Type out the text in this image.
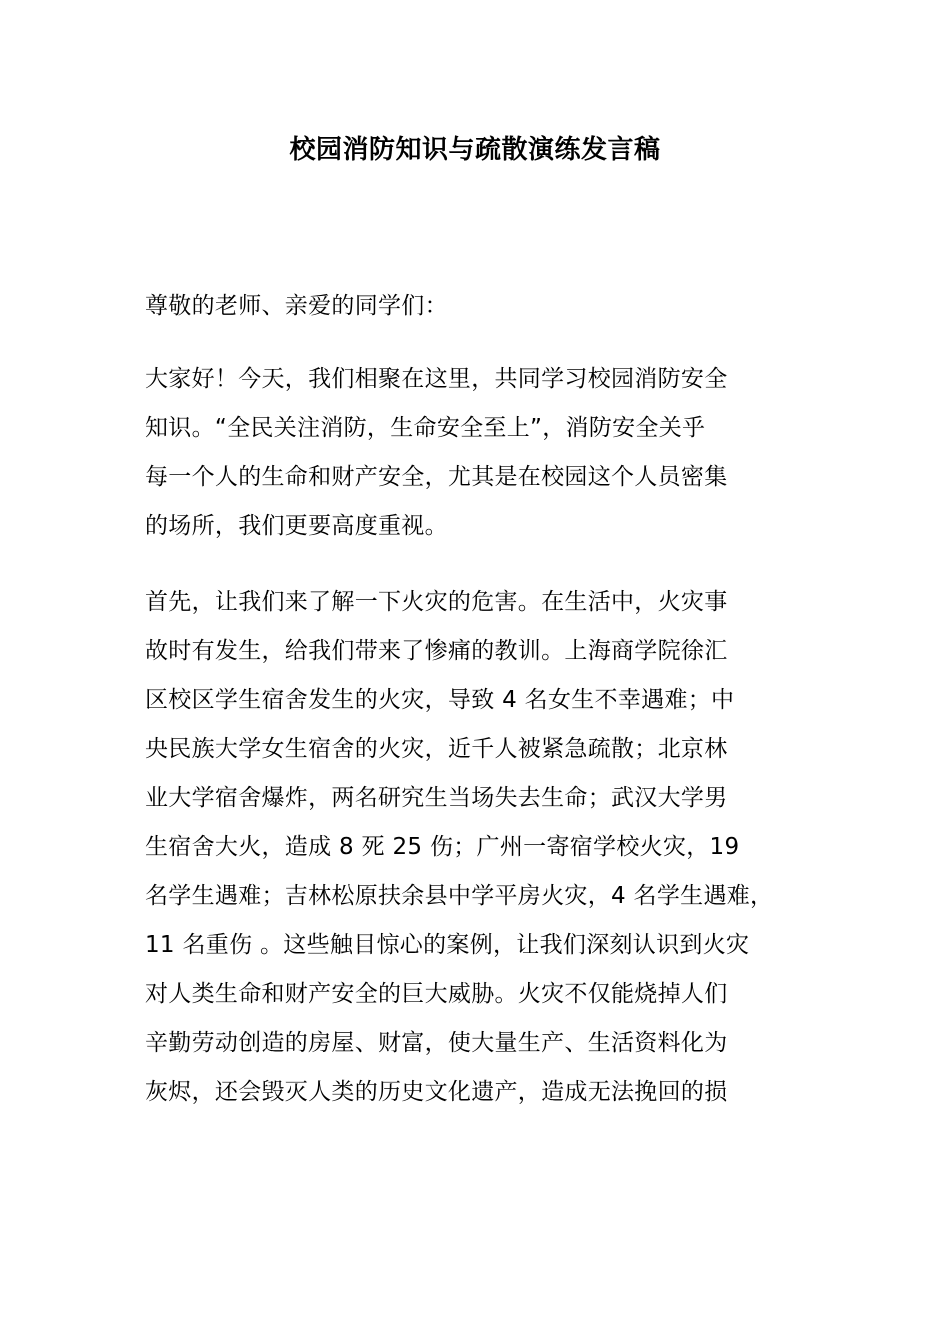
校园消防知识与疏散演练发言稿
尊敬的老师、亲爱的同学们：
大家好！今天，我们相聚在这里，共同学习校园消防安全
知识。“全民关注消防，生命安全至上”，消防安全关乎
每一个人的生命和财产安全，尤其是在校园这个人员密集
的场所，我们更要高度重视。
首先，让我们来了解一下火灾的危害。在生活中，火灾事
故时有发生，给我们带来了惨痛的教训。上海商学院徐汇
区校区学生宿舍发生的火灾，导致 4 名女生不幸遇难；中
央民族大学女生宿舍的火灾，近千人被紧急疏散；北京林
业大学宿舍爆炸，两名研究生当场失去生命；武汉大学男
生宿舍大火，造成 8 死 25 伤；广州一寄宿学校火灾，19
名学生遇难；吉林松原扶余县中学平房火灾，4 名学生遇难，
11 名重伤 。这些触目惊心的案例，让我们深刻认识到火灾
对人类生命和财产安全的巨大威胁。火灾不仅能烧掉人们
辛勤劳动创造的房屋、财富，使大量生产、生活资料化为
灰烬，还会毁灭人类的历史文化遗产，造成无法挽回的损
